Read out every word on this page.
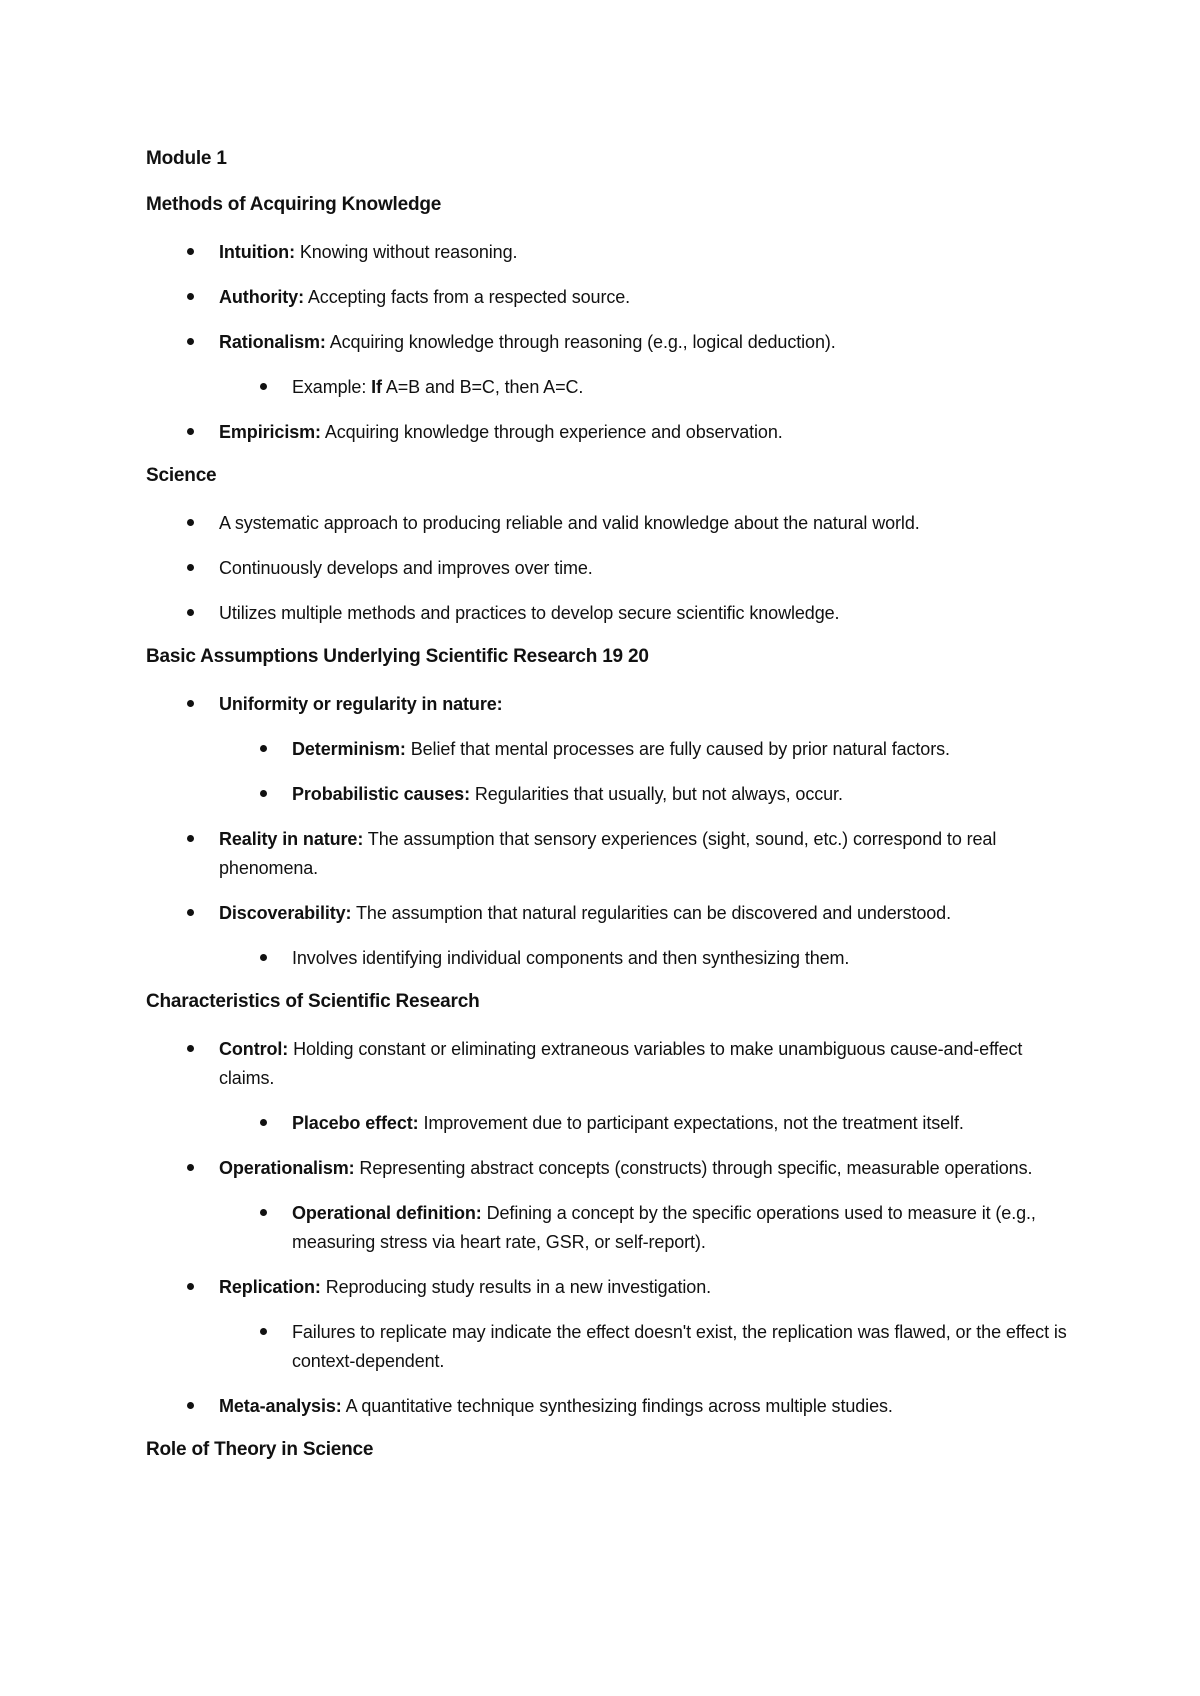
Module 1
Methods of Acquiring Knowledge
Intuition: Knowing without reasoning.
Authority: Accepting facts from a respected source.
Rationalism: Acquiring knowledge through reasoning (e.g., logical deduction).
Example: If A=B and B=C, then A=C.
Empiricism: Acquiring knowledge through experience and observation.
Science
A systematic approach to producing reliable and valid knowledge about the natural world.
Continuously develops and improves over time.
Utilizes multiple methods and practices to develop secure scientific knowledge.
Basic Assumptions Underlying Scientific Research 19 20
Uniformity or regularity in nature:
Determinism: Belief that mental processes are fully caused by prior natural factors.
Probabilistic causes: Regularities that usually, but not always, occur.
Reality in nature: The assumption that sensory experiences (sight, sound, etc.) correspond to real phenomena.
Discoverability: The assumption that natural regularities can be discovered and understood.
Involves identifying individual components and then synthesizing them.
Characteristics of Scientific Research
Control: Holding constant or eliminating extraneous variables to make unambiguous cause-and-effect claims.
Placebo effect: Improvement due to participant expectations, not the treatment itself.
Operationalism: Representing abstract concepts (constructs) through specific, measurable operations.
Operational definition: Defining a concept by the specific operations used to measure it (e.g., measuring stress via heart rate, GSR, or self-report).
Replication: Reproducing study results in a new investigation.
Failures to replicate may indicate the effect doesn't exist, the replication was flawed, or the effect is context-dependent.
Meta-analysis: A quantitative technique synthesizing findings across multiple studies.
Role of Theory in Science
